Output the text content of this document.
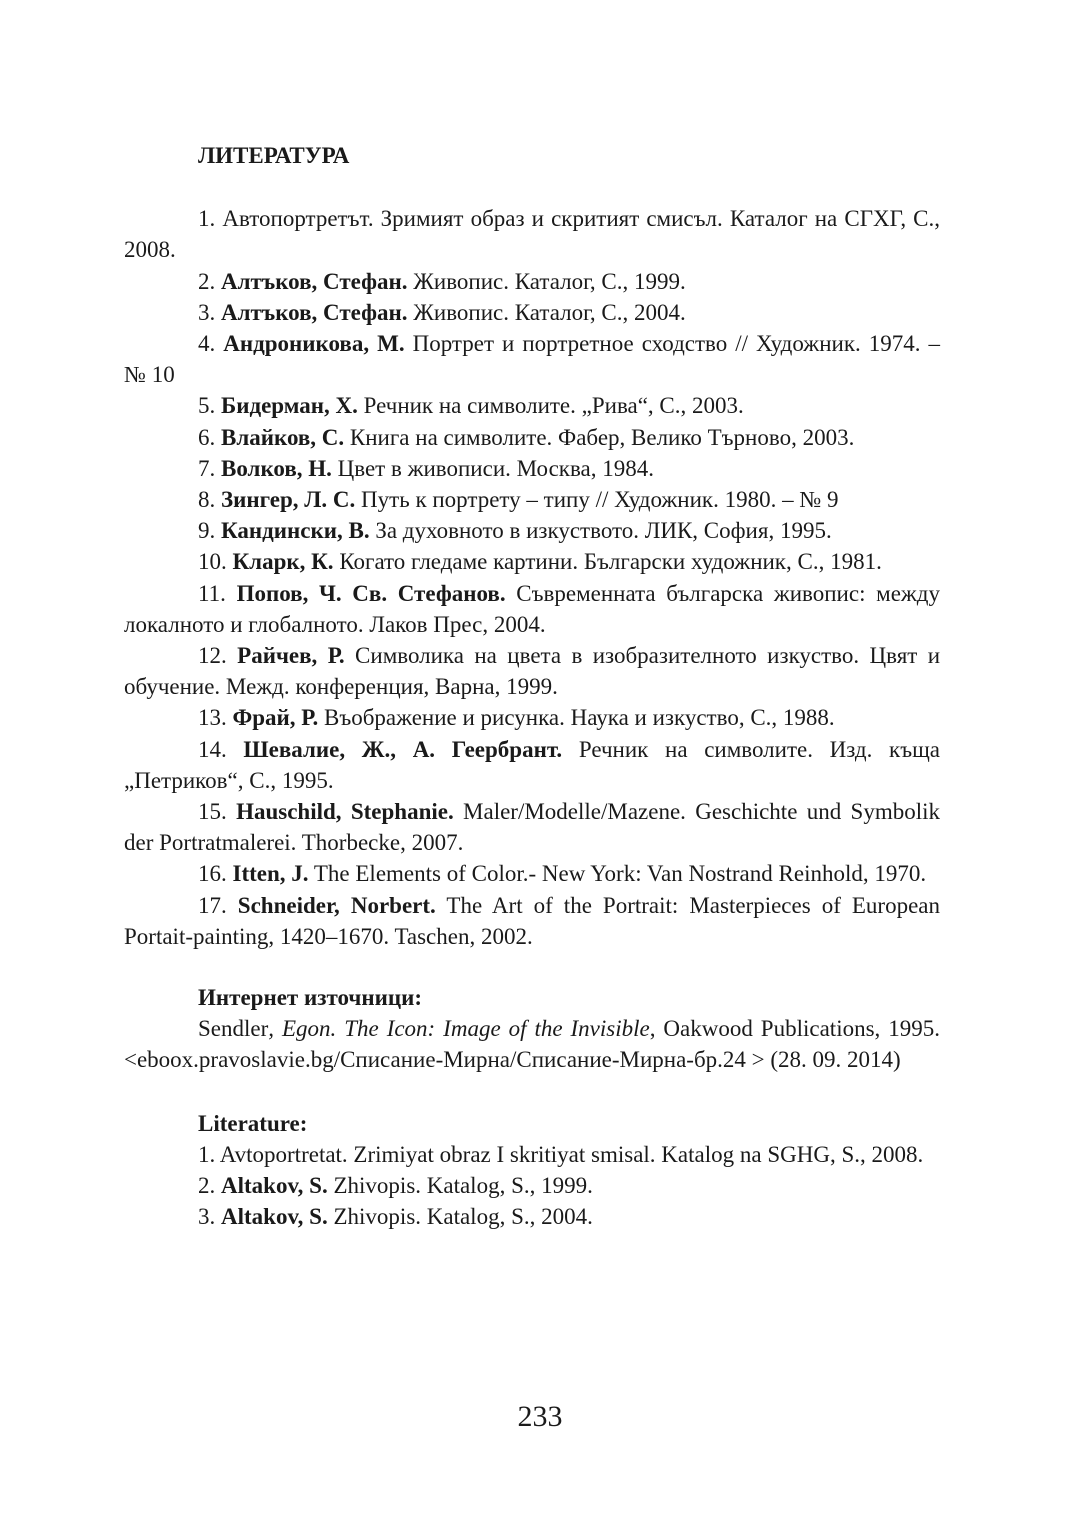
ЛИТЕРАТУРА

1. Автопортретът. Зримият образ и скритият смисъл. Каталог на СГХГ, С., 2008.

2. Алтъков, Стефан. Живопис. Каталог, С., 1999.

3. Алтъков, Стефан. Живопис. Каталог, С., 2004.

4. Андроникова, М. Портрет и портретное сходство // Художник. 1974. – № 10

5. Бидерман, Х. Речник на символите. „Рива“, С., 2003.

6. Влайков, С. Книга на символите. Фабер, Велико Търново, 2003.

7. Волков, Н. Цвет в живописи. Москва, 1984.

8. Зингер, Л. С. Путь к портрету – типу // Художник. 1980. – № 9

9. Кандински, В. За духовното в изкуството. ЛИК, София, 1995.

10. Кларк, К. Когато гледаме картини. Български художник, С., 1981.

11. Попов, Ч. Св. Стефанов. Съвременната българска живопис: между локалното и глобалното. Лаков Прес, 2004.

12. Райчев, Р. Символика на цвета в изобразителното изкуство. Цвят и обучение. Межд. конференция, Варна, 1999.

13. Фрай, Р. Въображение и рисунка. Наука и изкуство, С., 1988.

14. Шевалие, Ж., А. Геербрант. Речник на символите. Изд. къща „Петриков“, С., 1995.

15. Hauschild, Stephanie. Maler/Modelle/Mazene. Geschichte und Symbolik der Portratmalerei. Thorbecke, 2007.

16. Itten, J. The Elements of Color.- New York: Van Nostrand Reinhold, 1970.

17. Schneider, Norbert. The Art of the Portrait: Masterpieces of European Portait-painting, 1420–1670. Taschen, 2002.

Интернет източници:

Sendler, Egon. The Icon: Image of the Invisible, Oakwood Publications, 1995. <eboox.pravoslavie.bg/Списание-Мирна/Списание-Мирна-бр.24 > (28. 09. 2014)

Literature:

1. Avtoportretat. Zrimiyat obraz I skritiyat smisal. Katalog na SGHG, S., 2008.

2. Altakov, S. Zhivopis. Katalog, S., 1999.

3. Altakov, S. Zhivopis. Katalog, S., 2004.

233
